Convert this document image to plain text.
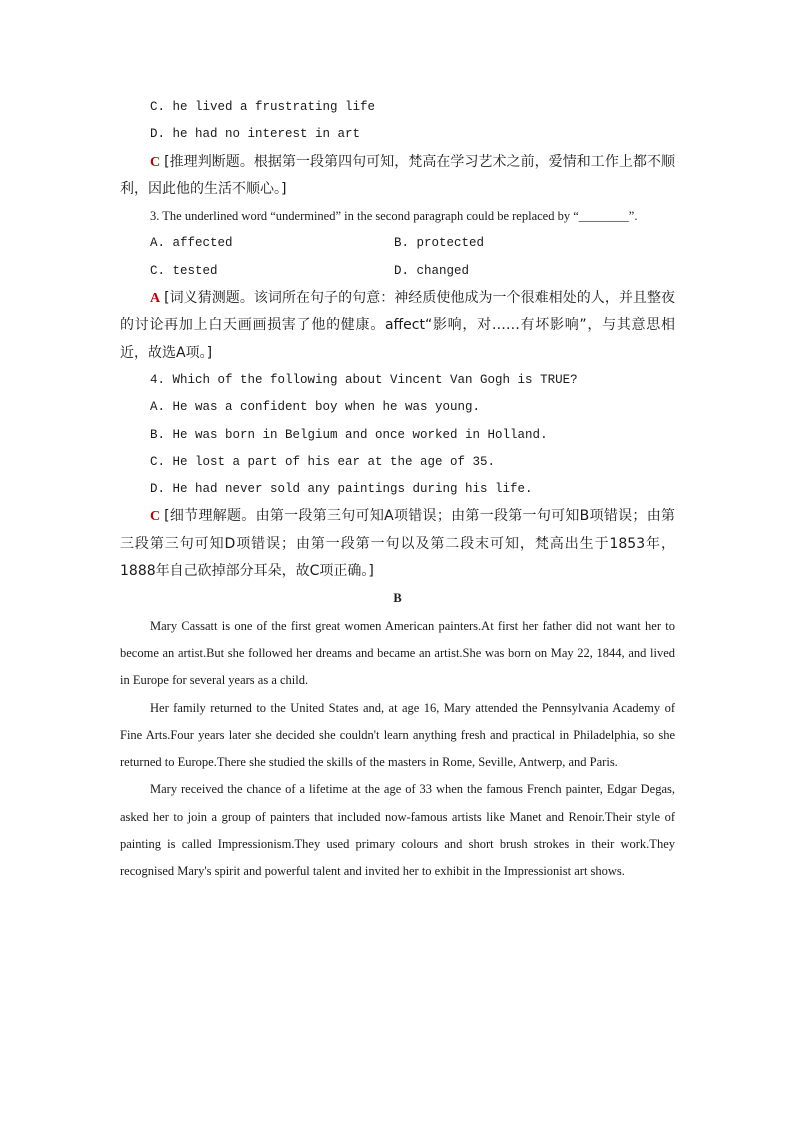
C. he lived a frustrating life
D. he had no interest in art
C [推理判断题。根据第一段第四句可知，梵高在学习艺术之前，爱情和工作上都不顺利，因此他的生活不顺心。]
3. The underlined word “undermined” in the second paragraph could be replaced by “________”.
A. affected	B. protected
C. tested	D. changed
A [词义猜测题。该词所在句子的句意：神经质使他成为一个很难相处的人，并且整夜的讨论再加上白天画画损害了他的健康。affect“影响，对……有坏影响”，与其意思相近，故选A项。]
4. Which of the following about Vincent Van Gogh is TRUE?
A. He was a confident boy when he was young.
B. He was born in Belgium and once worked in Holland.
C. He lost a part of his ear at the age of 35.
D. He had never sold any paintings during his life.
C [细节理解题。由第一段第三句可知A项错误；由第一段第一句可知B项错误；由第三段第三句可知D项错误；由第一段第一句以及第二段末可知，梵高出生于1853年，1888年自己砍掉部分耳朵，故C项正确。]
B
Mary Cassatt is one of the first great women American painters.At first her father did not want her to become an artist.But she followed her dreams and became an artist.She was born on May 22, 1844, and lived in Europe for several years as a child.
Her family returned to the United States and, at age 16, Mary attended the Pennsylvania Academy of Fine Arts.Four years later she decided she couldn't learn anything fresh and practical in Philadelphia, so she returned to Europe.There she studied the skills of the masters in Rome, Seville, Antwerp, and Paris.
Mary received the chance of a lifetime at the age of 33 when the famous French painter, Edgar Degas, asked her to join a group of painters that included now-famous artists like Manet and Renoir.Their style of painting is called Impressionism.They used primary colours and short brush strokes in their work.They recognised Mary's spirit and powerful talent and invited her to exhibit in the Impressionist art shows.
